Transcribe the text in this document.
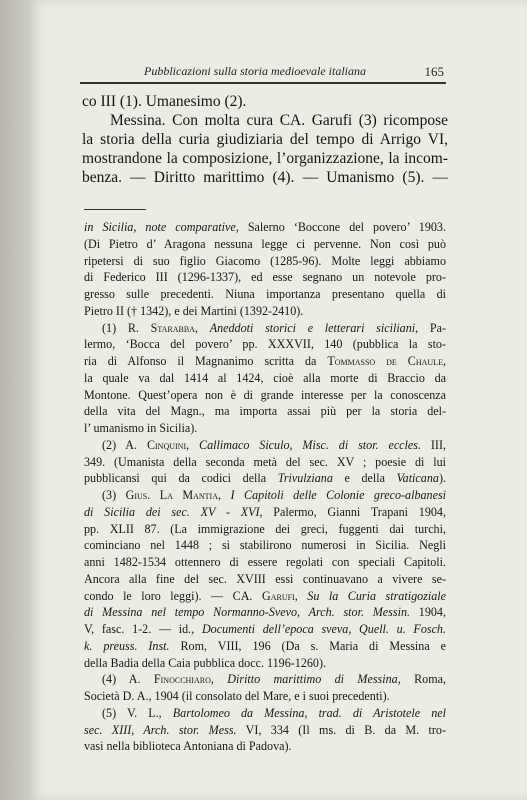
Pubblicazioni sulla storia medioevale italiana	165

co III (1). Umanesimo (2).

Messina. Con molta cura CA. Garufi (3) ricompose

la storia della curia giudiziaria del tempo di Arrigo VI,
mostrandone la composizione, l’organizzazione, la incom-
benza. — Diritto marittimo (4). — Umanismo (5). —

in Sicilia, note comparative, Salerno ‘Boccone del povero’ 1903.
(Di Pietro d’ Aragona nessuna legge ci pervenne. Non così può
ripetersi di suo figlio Giacomo (1285-96). Molte leggi abbiamo
di Federico III (1296-1337), ed esse segnano un notevole pro-
gresso sulle precedenti. Niuna importanza presentano quella di
Pietro II († 1342), e dei Martini (1392-2410).

(1) R. Starabba, Aneddoti storici e letterari siciliani, Pa-
lermo, ‘Bocca del povero’ pp. XXXVII, 140 (pubblica la sto-
ria di Alfonso il Magnanimo scritta da Tommasso de Chaule,
la quale va dal 1414 al 1424, cioè alla morte di Braccio da
Montone. Quest’opera non è di grande interesse per la conoscenza
della vita del Magn., ma importa assai più per la storia del-
l’ umanismo in Sicilia).

(2) A. Cinquini, Callimaco Siculo, Misc. di stor. eccles. III,
349. (Umanista della seconda metà del sec. XV ; poesie di lui
pubblicansi qui da codici della Trivulziana e della Vaticana).

(3) Gius. La Mantia, I Capitoli delle Colonie greco-albanesi
di Sicilia dei sec. XV - XVI, Palermo, Gianni Trapani 1904,
pp. XLII 87. (La immigrazione dei greci, fuggenti dai turchi,
cominciano nel 1448 ; si stabilirono numerosi in Sicilia. Negli
anni 1482-1534 ottennero di essere regolati con speciali Capitoli.
Ancora alla fine del sec. XVIII essi continuavano a vivere se-
condo le loro leggi). — CA. Garufi, Su la Curia stratigoziale
di Messina nel tempo Normanno-Svevo, Arch. stor. Messin. 1904,
V, fasc. 1-2. — id., Documenti dell’epoca sveva, Quell. u. Fosch.
k. preuss. Inst. Rom, VIII, 196 (Da s. Maria di Messina e
della Badia della Caia pubblica docc. 1196-1260).

(4) A. Finocchiaro, Diritto marittimo di Messina, Roma,
Società D. A., 1904 (il consolato del Mare, e i suoi precedenti).

(5) V. L., Bartolomeo da Messina, trad. di Aristotele nel
sec. XIII, Arch. stor. Mess. VI, 334 (Il ms. di B. da M. tro-
vasi nella biblioteca Antoniana di Padova).
